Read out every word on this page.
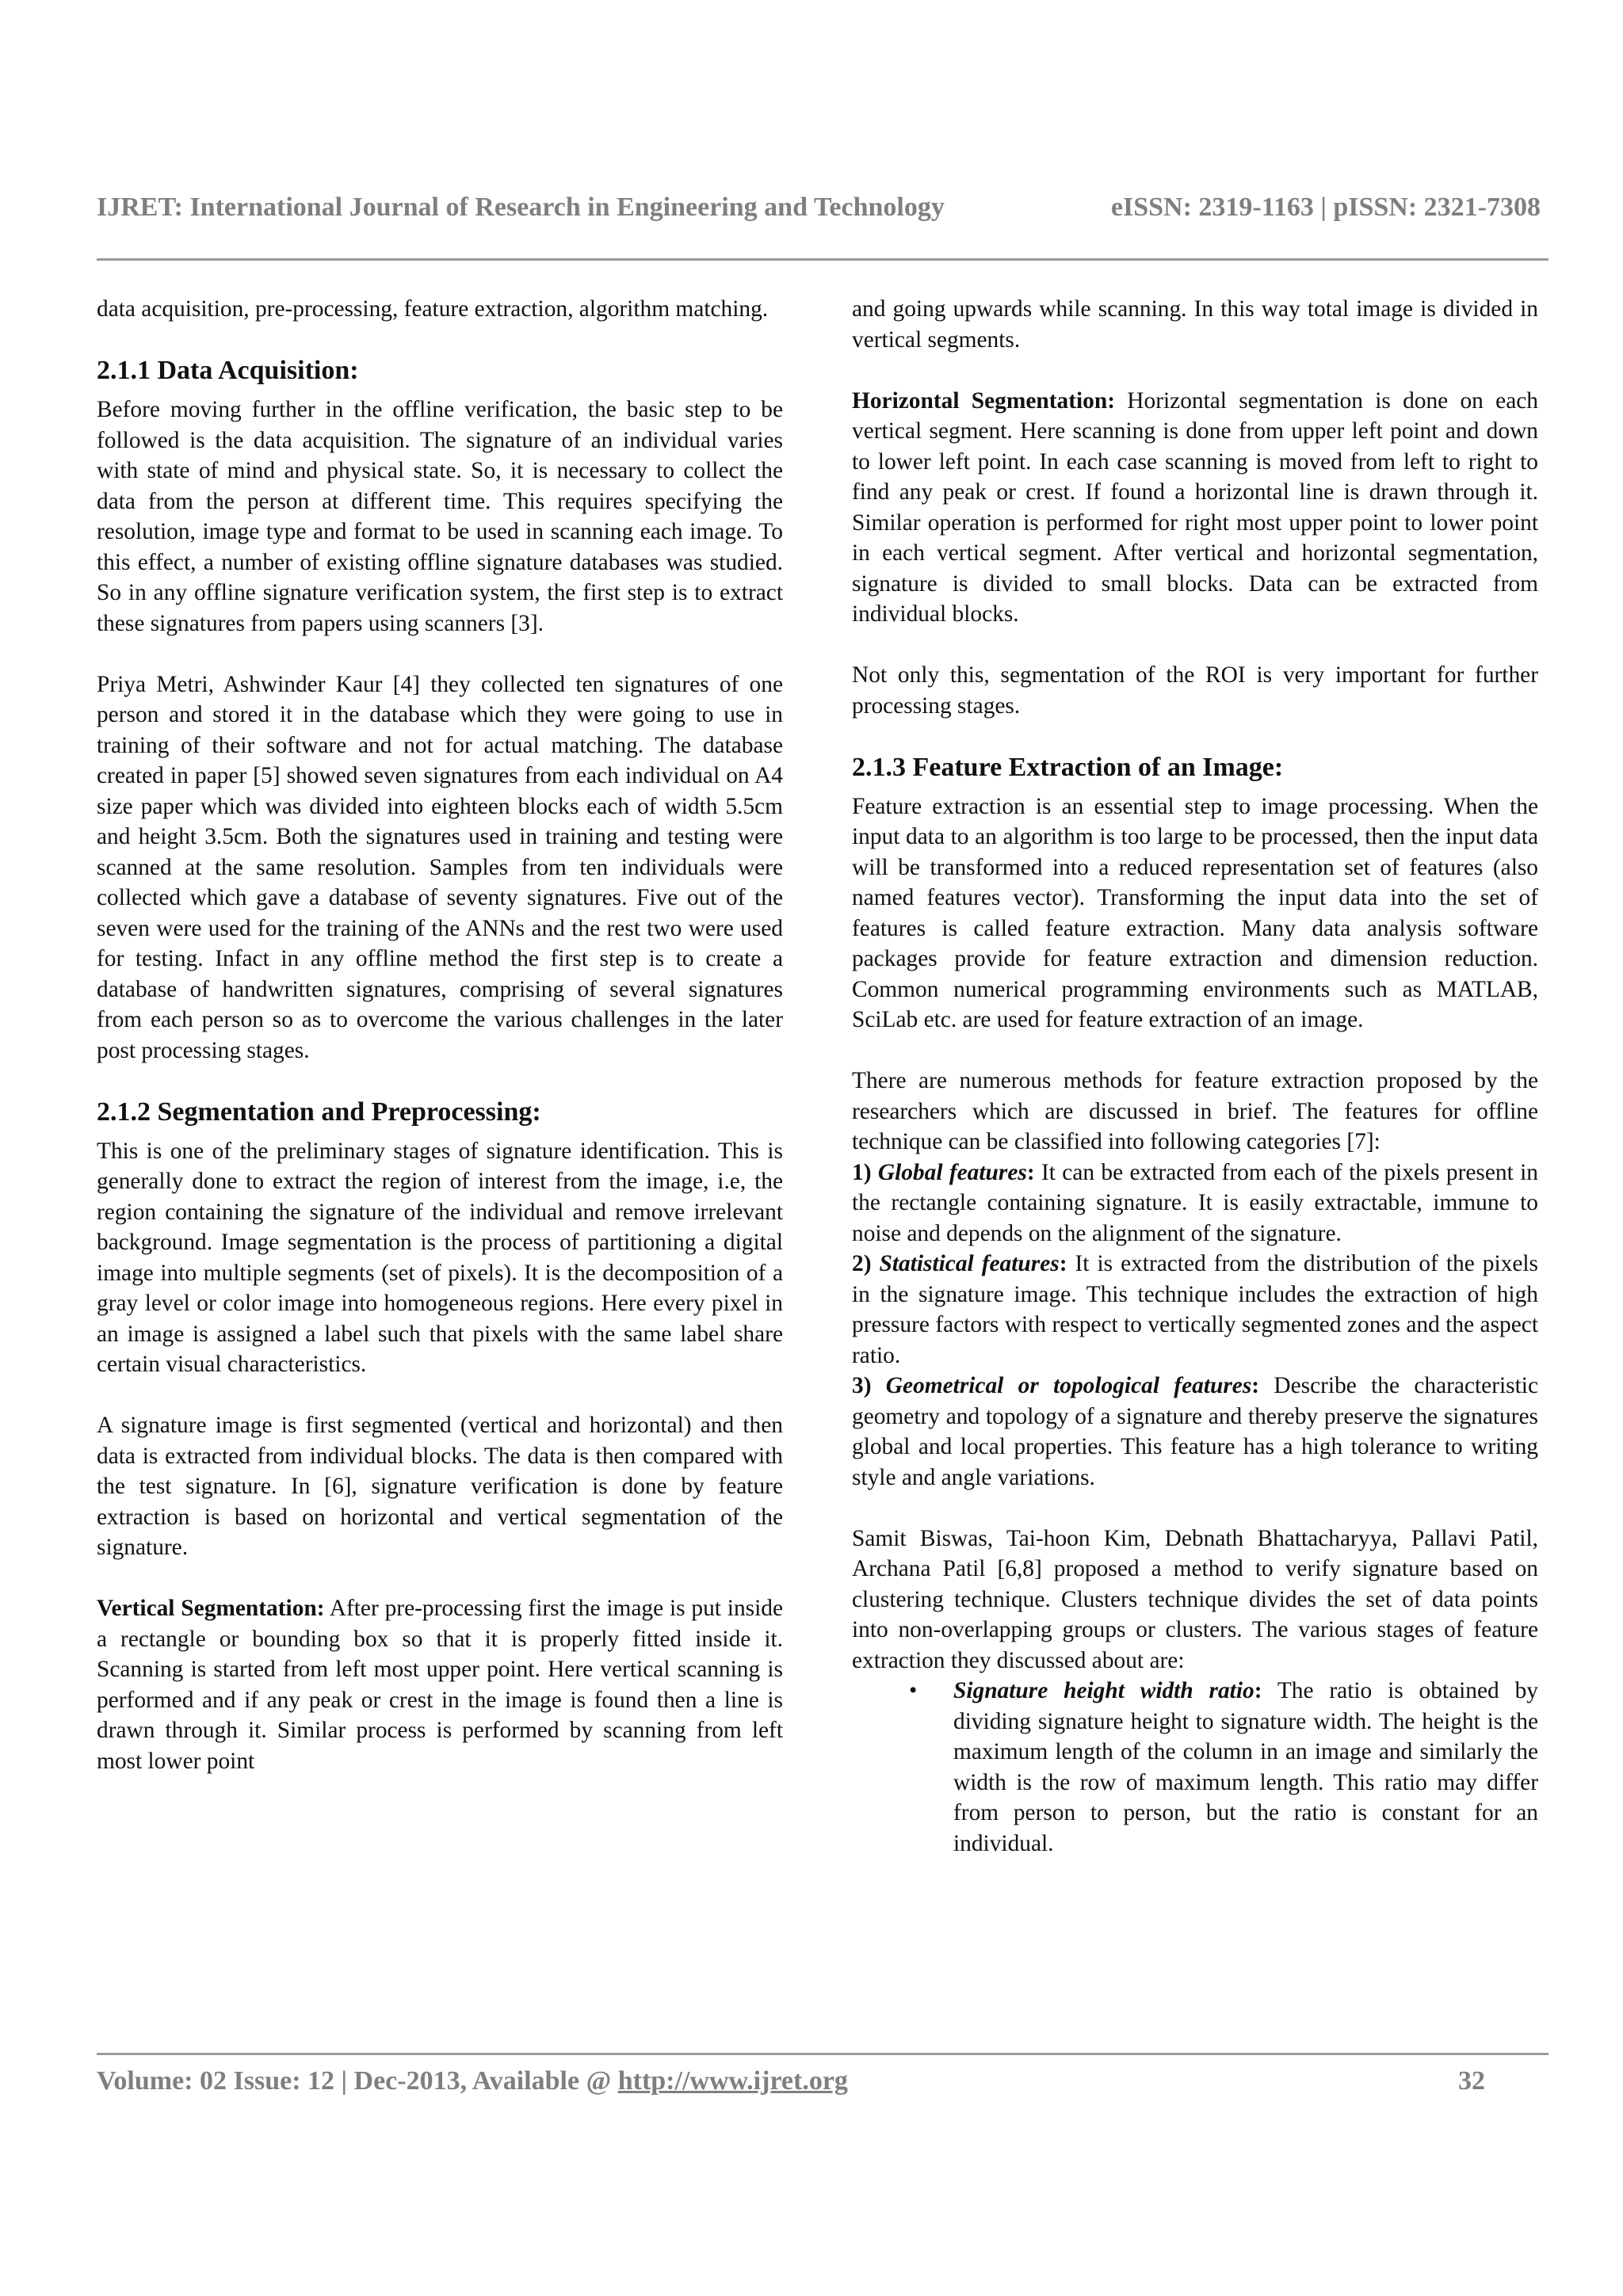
IJRET: International Journal of Research in Engineering and Technology	eISSN: 2319-1163 | pISSN: 2321-7308

data acquisition, pre-processing, feature extraction, algorithm matching.

2.1.1 Data Acquisition:

Before moving further in the offline verification, the basic step to be followed is the data acquisition. The signature of an individual varies with state of mind and physical state. So, it is necessary to collect the data from the person at different time. This requires specifying the resolution, image type and format to be used in scanning each image. To this effect, a number of existing offline signature databases was studied. So in any offline signature verification system, the first step is to extract these signatures from papers using scanners [3].

Priya Metri, Ashwinder Kaur [4] they collected ten signatures of one person and stored it in the database which they were going to use in training of their software and not for actual matching. The database created in paper [5] showed seven signatures from each individual on A4 size paper which was divided into eighteen blocks each of width 5.5cm and height 3.5cm. Both the signatures used in training and testing were scanned at the same resolution. Samples from ten individuals were collected which gave a database of seventy signatures. Five out of the seven were used for the training of the ANNs and the rest two were used for testing. Infact in any offline method the first step is to create a database of handwritten signatures, comprising of several signatures from each person so as to overcome the various challenges in the later post processing stages.

2.1.2 Segmentation and Preprocessing:

This is one of the preliminary stages of signature identification. This is generally done to extract the region of interest from the image, i.e, the region containing the signature of the individual and remove irrelevant background. Image segmentation is the process of partitioning a digital image into multiple segments (set of pixels). It is the decomposition of a gray level or color image into homogeneous regions. Here every pixel in an image is assigned a label such that pixels with the same label share certain visual characteristics.

A signature image is first segmented (vertical and horizontal) and then data is extracted from individual blocks. The data is then compared with the test signature. In [6], signature verification is done by feature extraction is based on horizontal and vertical segmentation of the signature.

Vertical Segmentation: After pre-processing first the image is put inside a rectangle or bounding box so that it is properly fitted inside it. Scanning is started from left most upper point. Here vertical scanning is performed and if any peak or crest in the image is found then a line is drawn through it. Similar process is performed by scanning from left most lower point

and going upwards while scanning. In this way total image is divided in vertical segments.

Horizontal Segmentation: Horizontal segmentation is done on each vertical segment. Here scanning is done from upper left point and down to lower left point. In each case scanning is moved from left to right to find any peak or crest. If found a horizontal line is drawn through it. Similar operation is performed for right most upper point to lower point in each vertical segment. After vertical and horizontal segmentation, signature is divided to small blocks. Data can be extracted from individual blocks.

Not only this, segmentation of the ROI is very important for further processing stages.

2.1.3 Feature Extraction of an Image:

Feature extraction is an essential step to image processing. When the input data to an algorithm is too large to be processed, then the input data will be transformed into a reduced representation set of features (also named features vector). Transforming the input data into the set of features is called feature extraction. Many data analysis software packages provide for feature extraction and dimension reduction. Common numerical programming environments such as MATLAB, SciLab etc. are used for feature extraction of an image.

There are numerous methods for feature extraction proposed by the researchers which are discussed in brief. The features for offline technique can be classified into following categories [7]:

1) Global features: It can be extracted from each of the pixels present in the rectangle containing signature. It is easily extractable, immune to noise and depends on the alignment of the signature.

2) Statistical features: It is extracted from the distribution of the pixels in the signature image. This technique includes the extraction of high pressure factors with respect to vertically segmented zones and the aspect ratio.

3) Geometrical or topological features: Describe the characteristic geometry and topology of a signature and thereby preserve the signatures global and local properties. This feature has a high tolerance to writing style and angle variations.

Samit Biswas, Tai-hoon Kim, Debnath Bhattacharyya, Pallavi Patil, Archana Patil [6,8] proposed a method to verify signature based on clustering technique. Clusters technique divides the set of data points into non-overlapping groups or clusters. The various stages of feature extraction they discussed about are:

• Signature height width ratio: The ratio is obtained by dividing signature height to signature width. The height is the maximum length of the column in an image and similarly the width is the row of maximum length. This ratio may differ from person to person, but the ratio is constant for an individual.
Volume: 02 Issue: 12 | Dec-2013, Available @ http://www.ijret.org	32
